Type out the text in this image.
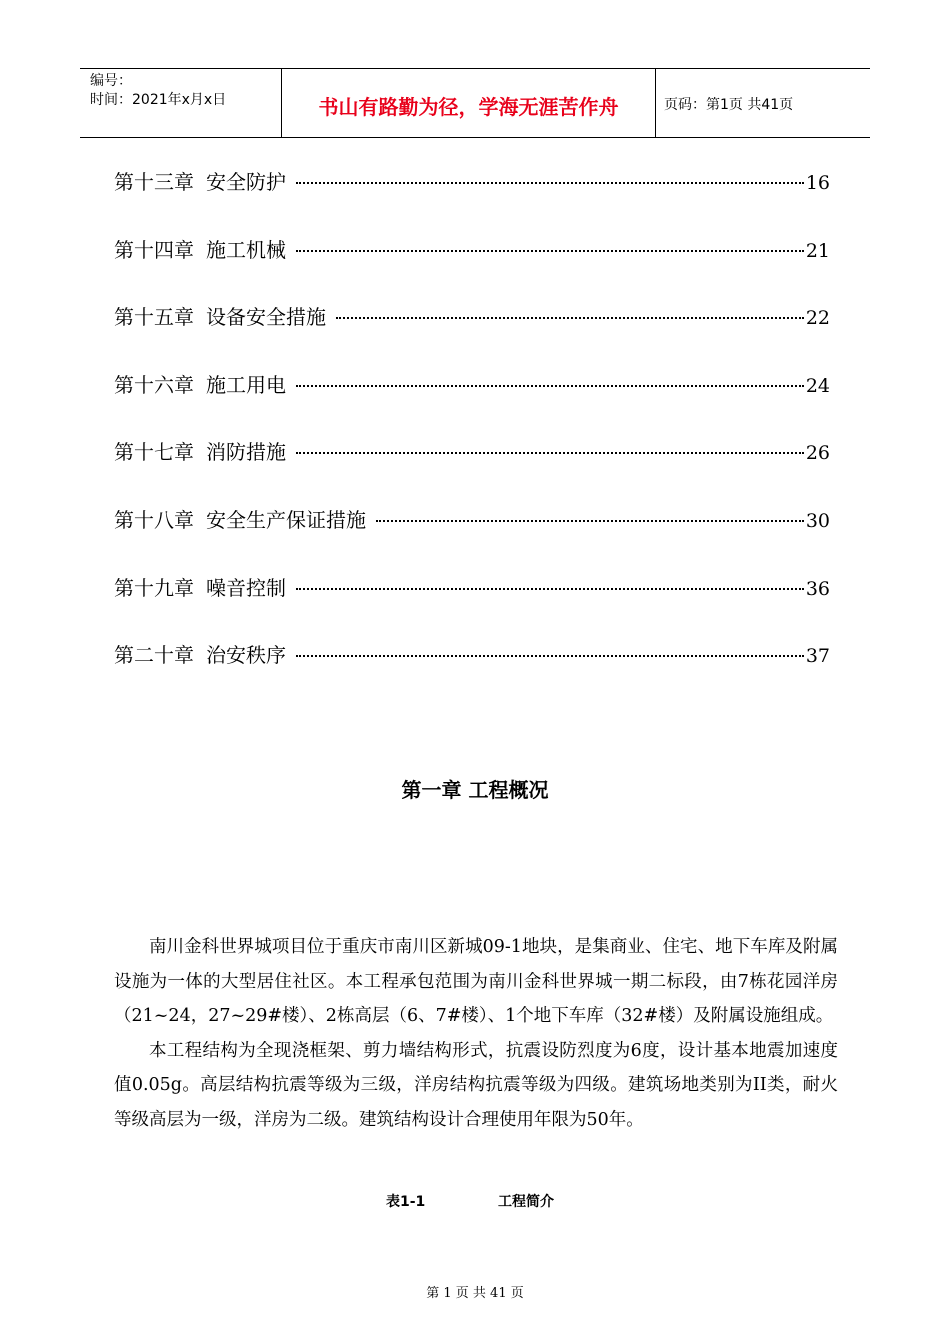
编号：
时间：2021年x月x日	书山有路勤为径，学海无涯苦作舟	页码：第1页 共41页
第十三章 安全防护	16
第十四章 施工机械	21
第十五章 设备安全措施	22
第十六章 施工用电	24
第十七章 消防措施	26
第十八章 安全生产保证措施	30
第十九章 噪音控制	36
第二十章 治安秩序	37
第一章 工程概况

南川金科世界城项目位于重庆市南川区新城09-1地块，是集商业、住宅、地下车库及附属设施为一体的大型居住社区。本工程承包范围为南川金科世界城一期二标段，由7栋花园洋房（21~24，27~29#楼）、2栋高层（6、7#楼）、1个地下车库（32#楼）及附属设施组成。

本工程结构为全现浇框架、剪力墙结构形式，抗震设防烈度为6度，设计基本地震加速度值0.05g。高层结构抗震等级为三级，洋房结构抗震等级为四级。建筑场地类别为II类，耐火等级高层为一级，洋房为二级。建筑结构设计合理使用年限为50年。

表1-1	工程简介
第 1 页 共 41 页
